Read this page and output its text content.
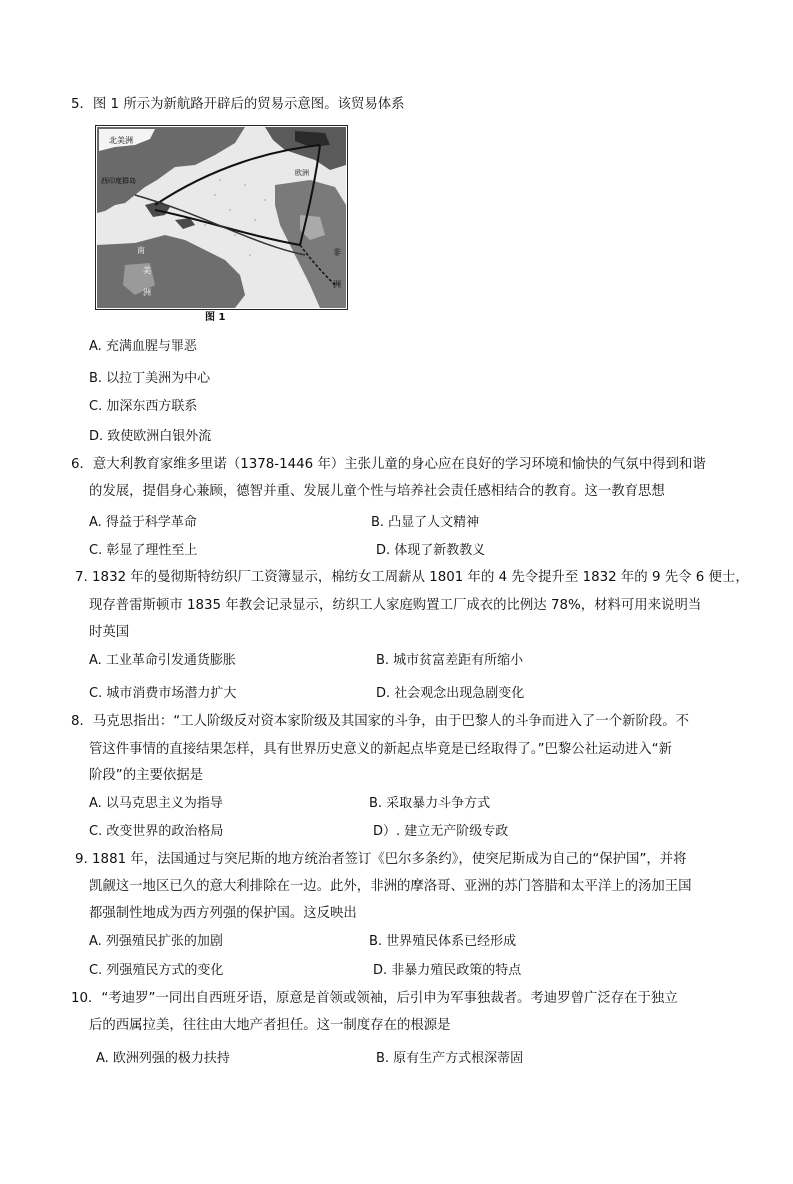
5．图 1 所示为新航路开辟后的贸易示意图。该贸易体系
北美洲
西印度群岛
南
美
洲
非
洲
欧洲
图 1
A. 充满血腥与罪恶
B. 以拉丁美洲为中心
C. 加深东西方联系
D. 致使欧洲白银外流
6．意大利教育家维多里诺（1378-1446 年）主张儿童的身心应在良好的学习环境和愉快的气氛中得到和谐
的发展，提倡身心兼顾，德智并重、发展儿童个性与培养社会责任感相结合的教育。这一教育思想
A. 得益于科学革命	B. 凸显了人文精神
C. 彰显了理性至上	D. 体现了新教教义
7. 1832 年的曼彻斯特纺织厂工资簿显示，棉纺女工周薪从 1801 年的 4 先令提升至 1832 年的 9 先令 6 便士，
现存普雷斯顿市 1835 年教会记录显示，纺织工人家庭购置工厂成衣的比例达 78%，材料可用来说明当
时英国
A. 工业革命引发通货膨胀	B. 城市贫富差距有所缩小
C. 城市消费市场潜力扩大	D. 社会观念出现急剧变化
8．马克思指出：“工人阶级反对资本家阶级及其国家的斗争，由于巴黎人的斗争而进入了一个新阶段。不
管这件事情的直接结果怎样，具有世界历史意义的新起点毕竟是已经取得了。”巴黎公社运动进入“新
阶段”的主要依据是
A. 以马克思主义为指导	B. 采取暴力斗争方式
C. 改变世界的政治格局	D）. 建立无产阶级专政
9. 1881 年，法国通过与突尼斯的地方统治者签订《巴尔多条约》，使突尼斯成为自己的“保护国”，并将
凯觎这一地区已久的意大利排除在一边。此外，非洲的摩洛哥、亚洲的苏门答腊和太平洋上的汤加王国
都强制性地成为西方列强的保护国。这反映出
A. 列强殖民扩张的加剧	B. 世界殖民体系已经形成
C. 列强殖民方式的变化	D. 非暴力殖民政策的特点
10．“考迪罗”一同出自西班牙语，原意是首领或领袖，后引申为军事独裁者。考迪罗曾广泛存在于独立
后的西属拉美，往往由大地产者担任。这一制度存在的根源是
A. 欧洲列强的极力扶持	B. 原有生产方式根深蒂固
